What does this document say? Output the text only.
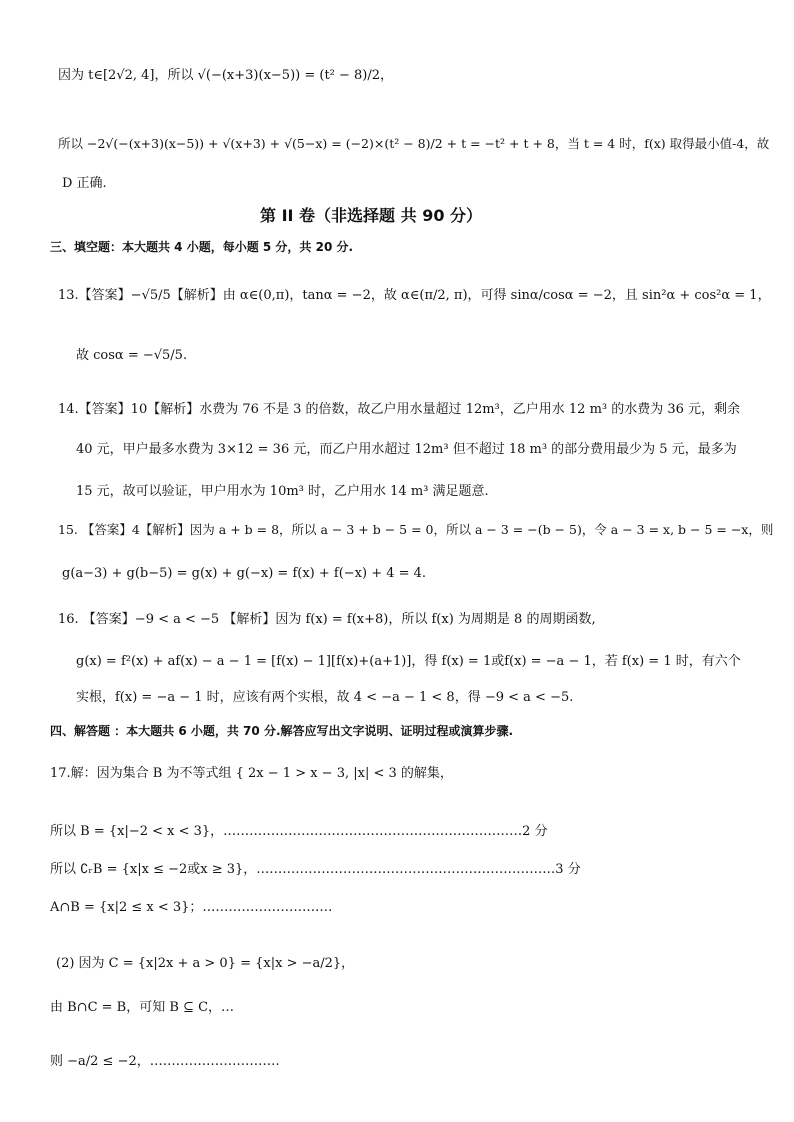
因为 t∈[2√2, 4]，所以 √(−(x+3)(x−5)) = (t² − 8)/2，
所以 −2√(−(x+3)(x−5)) + √(x+3) + √(5−x) = (−2)×(t² − 8)/2 + t = −t² + t + 8，当 t = 4 时，f(x) 取得最小值-4，故
D 正确.
第 II 卷（非选择题 共 90 分）
三、填空题：本大题共 4 小题，每小题 5 分，共 20 分.
13.【答案】−√5/5【解析】由 α∈(0,π)，tanα = −2，故 α∈(π/2, π)，可得 sinα/cosα = −2，且 sin²α + cos²α = 1，
故 cosα = −√5/5.
14.【答案】10【解析】水费为 76 不是 3 的倍数，故乙户用水量超过 12m³，乙户用水 12 m³ 的水费为 36 元，剩余
40 元，甲户最多水费为 3×12 = 36 元，而乙户用水超过 12m³ 但不超过 18 m³ 的部分费用最少为 5 元，最多为
15 元，故可以验证，甲户用水为 10m³ 时，乙户用水 14 m³ 满足题意.
15. 【答案】4【解析】因为 a + b = 8，所以 a − 3 + b − 5 = 0，所以 a − 3 = −(b − 5)，令 a − 3 = x, b − 5 = −x，则
g(a−3) + g(b−5) = g(x) + g(−x) = f(x) + f(−x) + 4 = 4.
16. 【答案】−9 < a < −5 【解析】因为 f(x) = f(x+8)，所以 f(x) 为周期是 8 的周期函数,
g(x) = f²(x) + af(x) − a − 1 = [f(x) − 1][f(x)+(a+1)]，得 f(x) = 1或f(x) = −a − 1，若 f(x) = 1 时，有六个
实根，f(x) = −a − 1 时，应该有两个实根，故 4 < −a − 1 < 8，得 −9 < a < −5.
四、解答题 ：本大题共 6 小题，共 70 分.解答应写出文字说明、证明过程或演算步骤.
17.解：因为集合 B 为不等式组 { 2x − 1 > x − 3, |x| < 3 的解集，
所以 B = {x|−2 < x < 3}，……………………………………………………………2 分
所以 ∁ᵣB = {x|x ≤ −2或x ≥ 3}，……………………………………………………………3 分
A∩B = {x|2 ≤ x < 3}；…………………………
(2) 因为 C = {x|2x + a > 0} = {x|x > −a/2}，
由 B∩C = B，可知 B ⊆ C，…
则 −a/2 ≤ −2，…………………………
